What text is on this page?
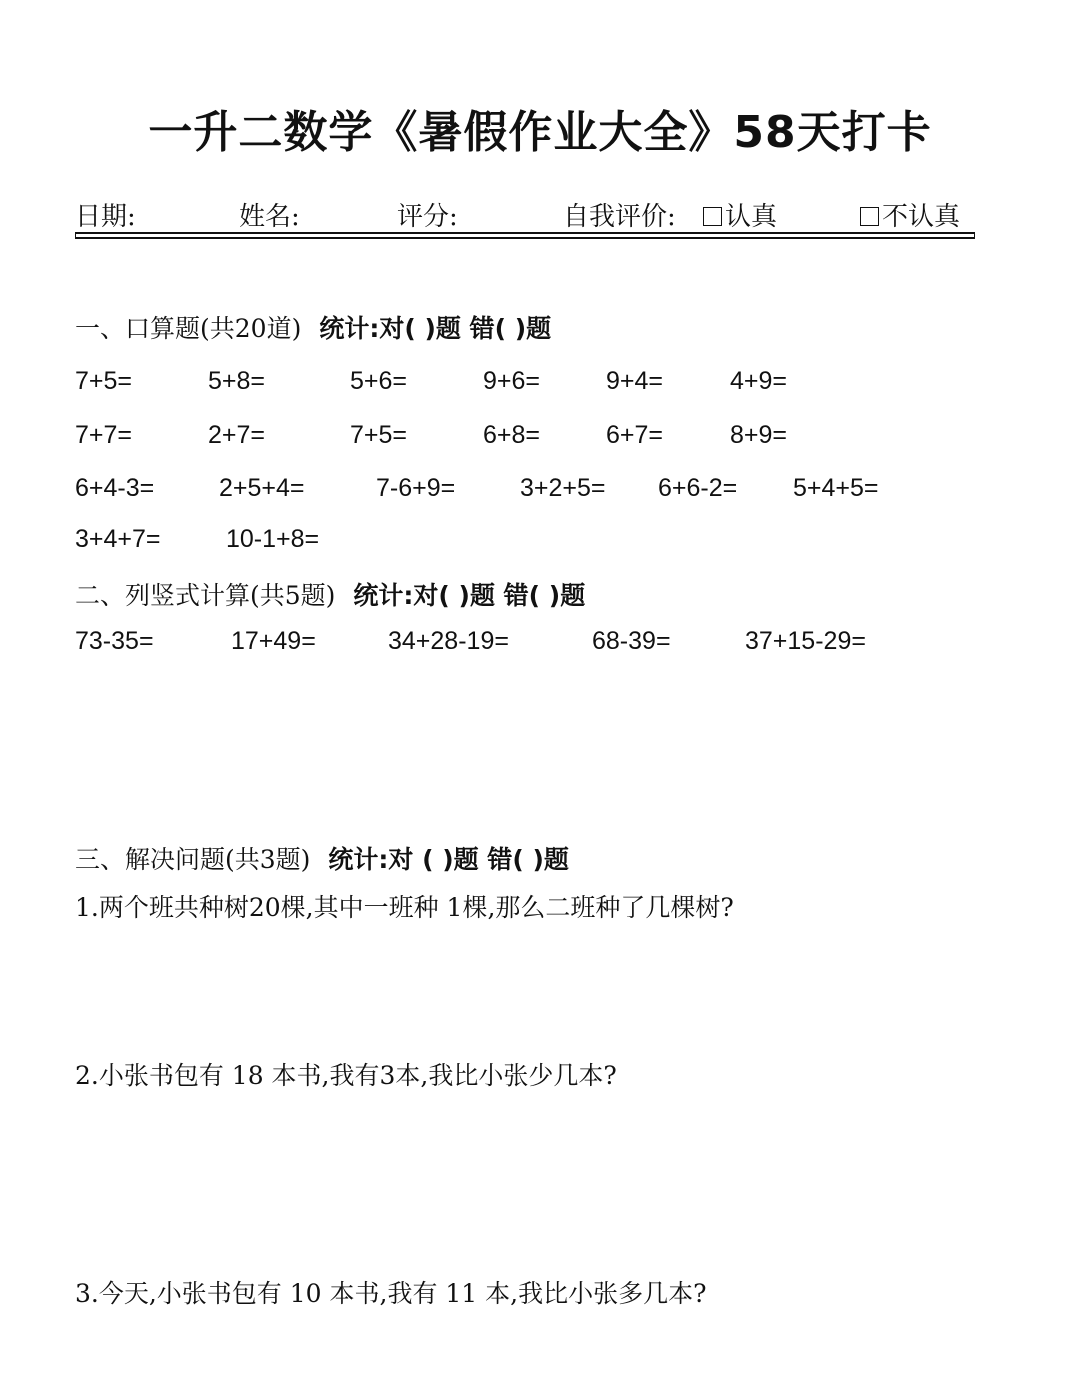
一升二数学《暑假作业大全》58天打卡
日期:	姓名:	评分:	自我评价:	认真	不认真
一、口算题(共20道) 统计:对( )题 错( )题
7+5=	5+8=	5+6=	9+6=	9+4=	4+9=
7+7=	2+7=	7+5=	6+8=	6+7=	8+9=
6+4-3=	2+5+4=	7-6+9=	3+2+5= 6+6-2= 5+4+5=
3+4+7=	10-1+8=
二、列竖式计算(共5题) 统计:对( )题 错( )题
73-35=	17+49=	34+28-19=	68-39=	37+15-29=
三、解决问题(共3题) 统计:对 ( )题 错( )题
1.两个班共种树20棵,其中一班种 1棵,那么二班种了几棵树?
2.小张书包有 18 本书,我有3本,我比小张少几本?
3.今天,小张书包有 10 本书,我有 11 本,我比小张多几本?
